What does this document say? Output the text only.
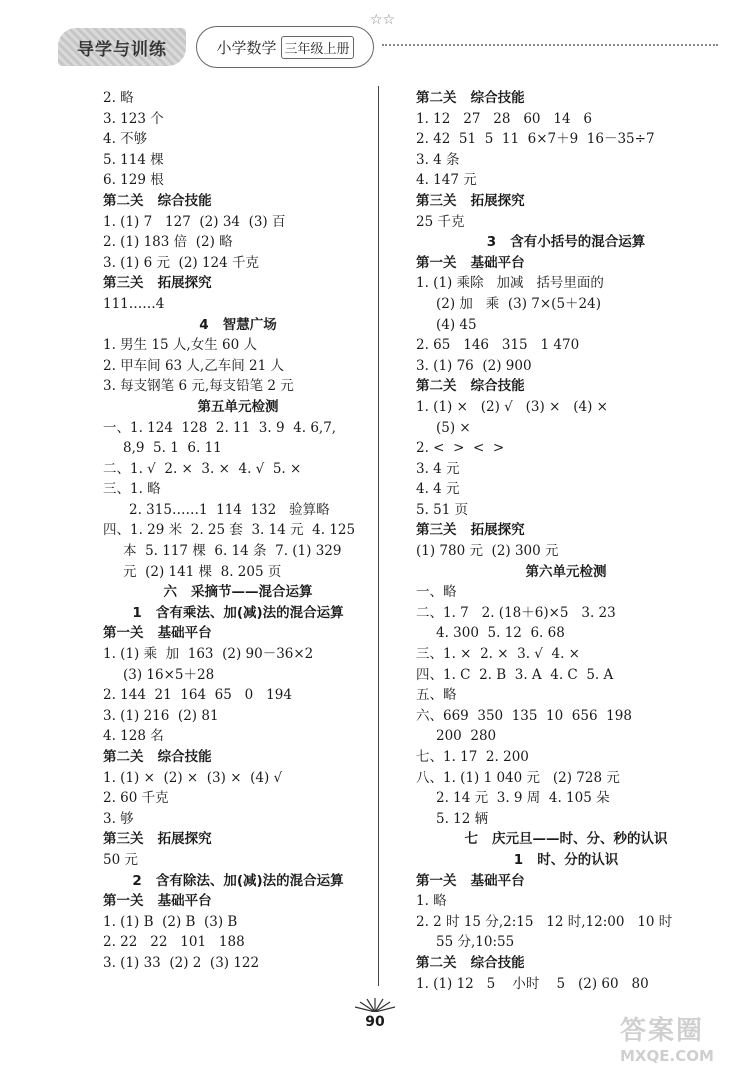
导学与训练	小学数学 三年级上册
☆☆
2. 略
3. 123 个
4. 不够
5. 114 棵
6. 129 根
第二关   综合技能
1. (1) 7   127  (2) 34  (3) 百
2. (1) 183 倍  (2) 略
3. (1) 6 元  (2) 124 千克
第三关   拓展探究
111……4
4   智慧广场
1. 男生 15 人,女生 60 人
2. 甲车间 63 人,乙车间 21 人
3. 每支钢笔 6 元,每支铅笔 2 元
第五单元检测
一、1. 124  128  2. 11  3. 9  4. 6,7,
8,9  5. 1  6. 11
二、1. √  2. ×  3. ×  4. √  5. ×
三、1. 略
2. 315……1  114  132   验算略
四、1. 29 米  2. 25 套  3. 14 元  4. 125
本  5. 117 棵  6. 14 条  7. (1) 329
元  (2) 141 棵  8. 205 页
六   采摘节——混合运算
1   含有乘法、加(减)法的混合运算
第一关   基础平台
1. (1) 乘  加  163  (2) 90－36×2
(3) 16×5＋28
2. 144  21  164  65   0   194
3. (1) 216  (2) 81
4. 128 名
第二关   综合技能
1. (1) ×  (2) ×  (3) ×  (4) √
2. 60 千克
3. 够
第三关   拓展探究
50 元
2   含有除法、加(减)法的混合运算
第一关   基础平台
1. (1) B  (2) B  (3) B
2. 22   22   101   188
3. (1) 33  (2) 2  (3) 122
第二关   综合技能
1. 12   27   28   60   14   6
2. 42  51  5  11  6×7＋9  16－35÷7
3. 4 条
4. 147 元
第三关   拓展探究
25 千克
3   含有小括号的混合运算
第一关   基础平台
1. (1) 乘除   加减   括号里面的
(2) 加   乘  (3) 7×(5＋24)
(4) 45
2. 65   146   315   1 470
3. (1) 76  (2) 900
第二关   综合技能
1. (1) ×   (2) √   (3) ×   (4) ×
(5) ×
2. <  >  <  >
3. 4 元
4. 4 元
5. 51 页
第三关   拓展探究
(1) 780 元  (2) 300 元
第六单元检测
一、略
二、1. 7   2. (18＋6)×5   3. 23
4. 300  5. 12  6. 68
三、1. ×  2. ×  3. √  4. ×
四、1. C  2. B  3. A  4. C  5. A
五、略
六、669  350  135  10  656  198
200  280
七、1. 17  2. 200
八、1. (1) 1 040 元   (2) 728 元
2. 14 元  3. 9 周  4. 105 朵
5. 12 辆
七   庆元旦——时、分、秒的认识
1   时、分的认识
第一关   基础平台
1. 略
2. 2 时 15 分,2:15   12 时,12:00   10 时
55 分,10:55
第二关   综合技能
1. (1) 12   5    小时    5   (2) 60   80
90	答案圈
MXQE.COM
